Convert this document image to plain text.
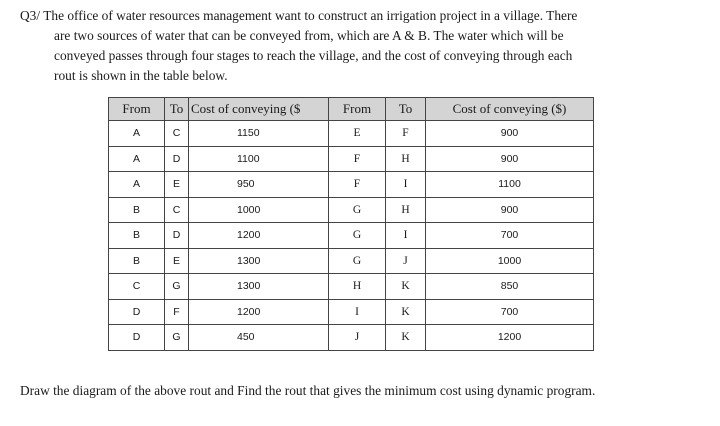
Q3/ The office of water resources management want to construct an irrigation project in a village. There
are two sources of water that can be conveyed from, which are A & B. The water which will be
conveyed passes through four stages to reach the village, and the cost of conveying through each
rout is shown in the table below.
From	To	Cost of conveying ($	From	To	Cost of conveying ($)
A	C	1150	E	F	900
A	D	1100	F	H	900
A	E	950	F	I	1100
B	C	1000	G	H	900
B	D	1200	G	I	700
B	E	1300	G	J	1000
C	G	1300	H	K	850
D	F	1200	I	K	700
D	G	450	J	K	1200
Draw the diagram of the above rout and Find the rout that gives the minimum cost using dynamic program.
